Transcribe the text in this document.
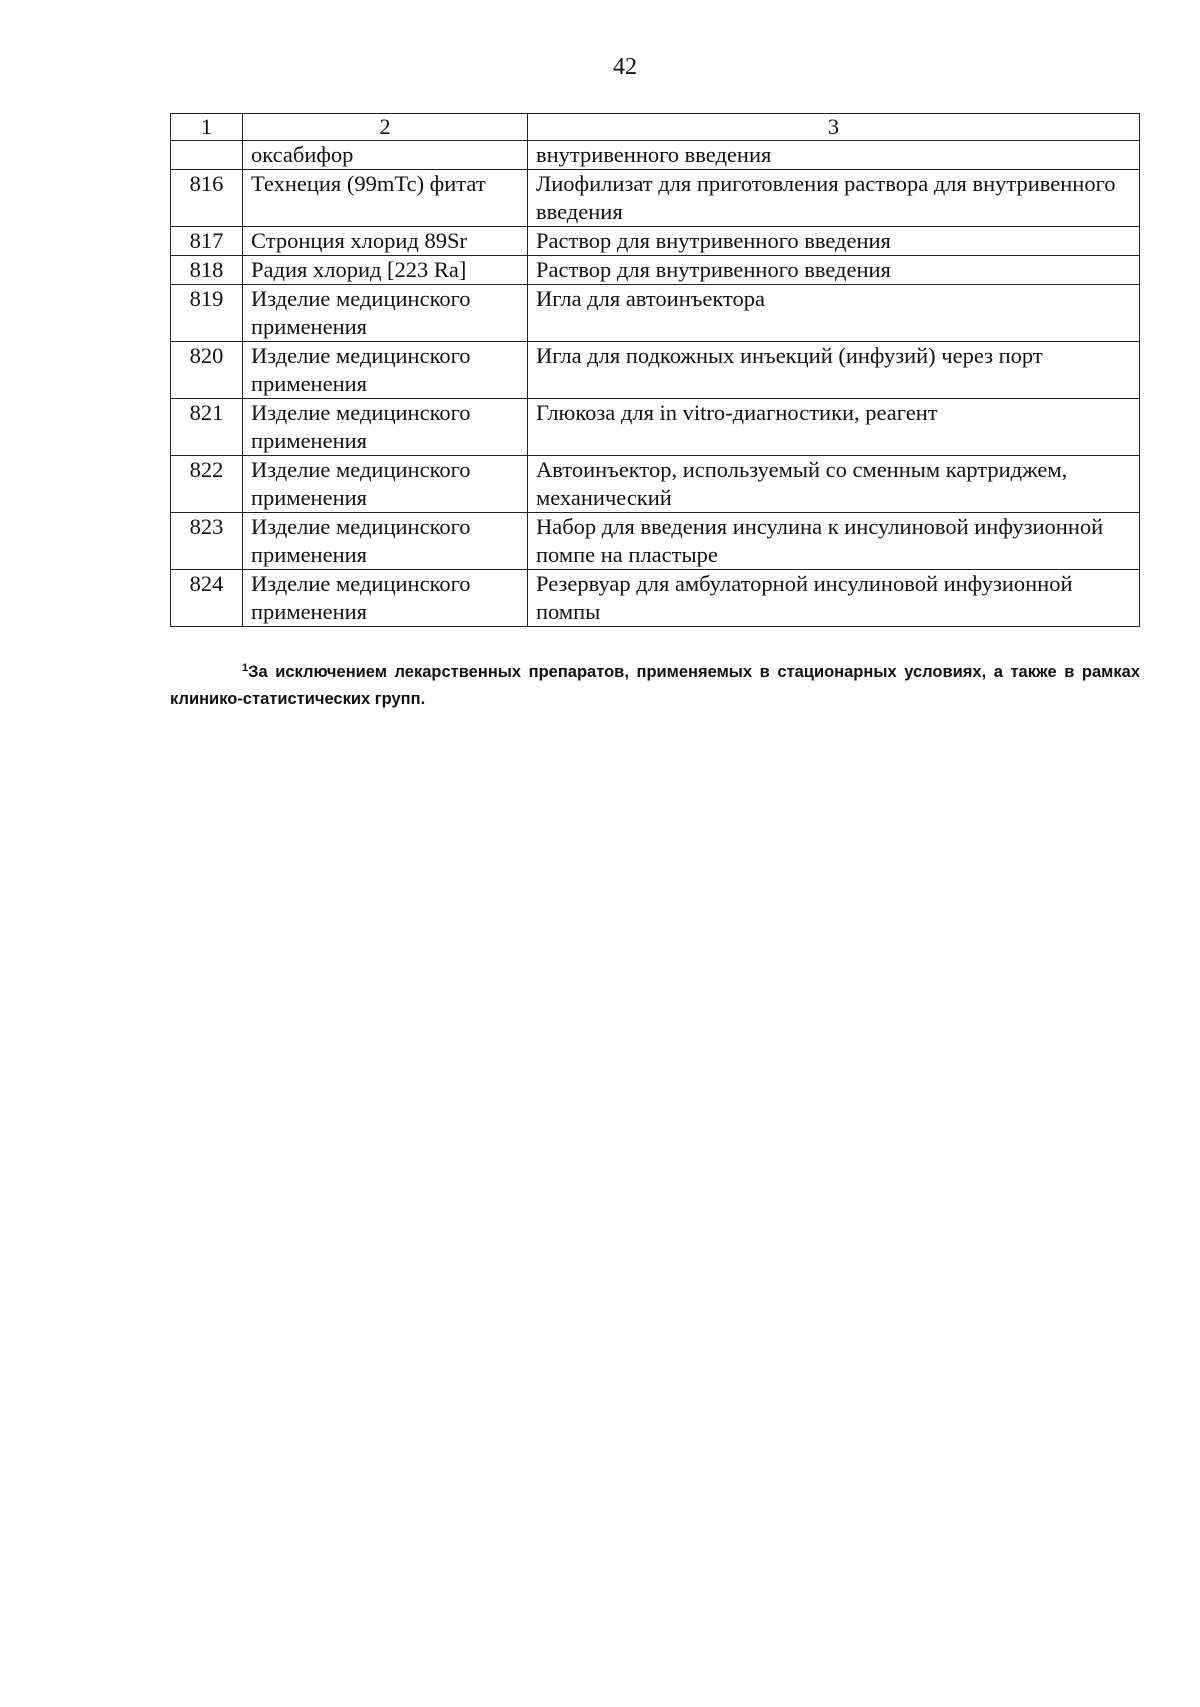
42
1	2	3
	оксабифор	внутривенного введения
816	Технеция (99mTc) фитат	Лиофилизат для приготовления раствора для внутривенного введения
817	Стронция хлорид 89Sr	Раствор для внутривенного введения
818	Радия хлорид [223 Ra]	Раствор для внутривенного введения
819	Изделие медицинского применения	Игла для автоинъектора
820	Изделие медицинского применения	Игла для подкожных инъекций (инфузий) через порт
821	Изделие медицинского применения	Глюкоза для in vitro-диагностики, реагент
822	Изделие медицинского применения	Автоинъектор, используемый со сменным картриджем, механический
823	Изделие медицинского применения	Набор для введения инсулина к инсулиновой инфузионной помпе на пластыре
824	Изделие медицинского применения	Резервуар для амбулаторной инсулиновой инфузионной помпы
$^1$За исключением лекарственных препаратов, применяемых в стационарных условиях, а также в рамках клинико-статистических групп.
